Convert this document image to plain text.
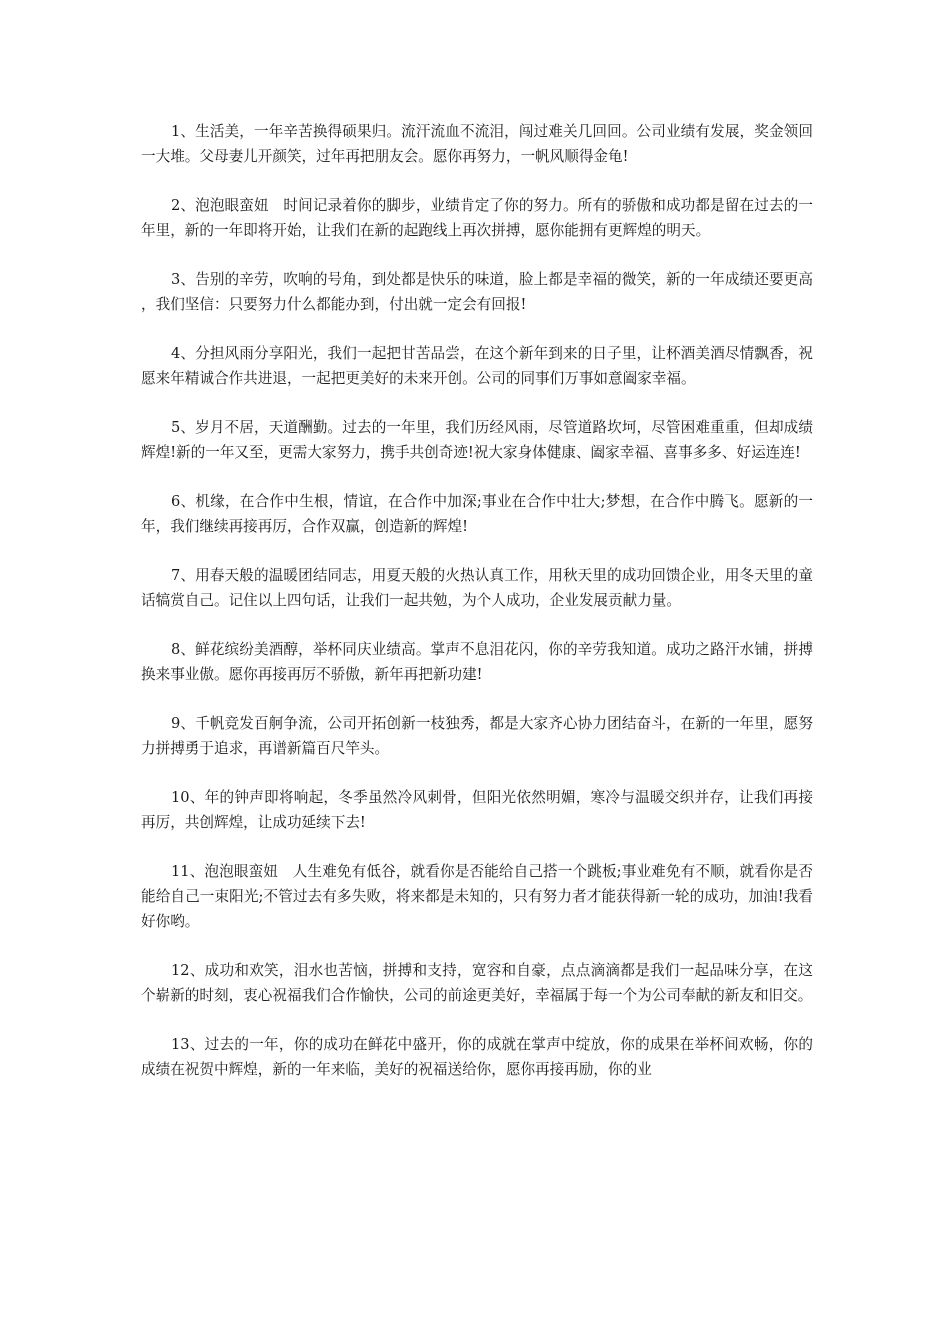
1、生活美，一年辛苦换得硕果归。流汗流血不流泪，闯过难关几回回。公司业绩有发展，奖金领回一大堆。父母妻儿开颜笑，过年再把朋友会。愿你再努力，一帆风顺得金龟!

2、泡泡眼蛮妞　时间记录着你的脚步，业绩肯定了你的努力。所有的骄傲和成功都是留在过去的一年里，新的一年即将开始，让我们在新的起跑线上再次拼搏，愿你能拥有更辉煌的明天。

3、告别的辛劳，吹响的号角，到处都是快乐的味道，脸上都是幸福的微笑，新的一年成绩还要更高，我们坚信：只要努力什么都能办到，付出就一定会有回报!

4、分担风雨分享阳光，我们一起把甘苦品尝，在这个新年到来的日子里，让杯酒美酒尽情飘香，祝愿来年精诚合作共进退，一起把更美好的未来开创。公司的同事们万事如意阖家幸福。

5、岁月不居，天道酬勤。过去的一年里，我们历经风雨，尽管道路坎坷，尽管困难重重，但却成绩辉煌!新的一年又至，更需大家努力，携手共创奇迹!祝大家身体健康、阖家幸福、喜事多多、好运连连!

6、机缘，在合作中生根，情谊，在合作中加深;事业在合作中壮大;梦想，在合作中腾飞。愿新的一年，我们继续再接再厉，合作双赢，创造新的辉煌!

7、用春天般的温暖团结同志，用夏天般的火热认真工作，用秋天里的成功回馈企业，用冬天里的童话犒赏自己。记住以上四句话，让我们一起共勉，为个人成功，企业发展贡献力量。

8、鲜花缤纷美酒醇，举杯同庆业绩高。掌声不息泪花闪，你的辛劳我知道。成功之路汗水铺，拼搏换来事业傲。愿你再接再厉不骄傲，新年再把新功建!

9、千帆竞发百舸争流，公司开拓创新一枝独秀，都是大家齐心协力团结奋斗，在新的一年里，愿努力拼搏勇于追求，再谱新篇百尺竿头。

10、年的钟声即将响起，冬季虽然冷风刺骨，但阳光依然明媚，寒冷与温暖交织并存，让我们再接再厉，共创辉煌，让成功延续下去!

11、泡泡眼蛮妞　人生难免有低谷，就看你是否能给自己搭一个跳板;事业难免有不顺，就看你是否能给自己一束阳光;不管过去有多失败，将来都是未知的，只有努力者才能获得新一轮的成功，加油!我看好你哟。

12、成功和欢笑，泪水也苦恼，拼搏和支持，宽容和自豪，点点滴滴都是我们一起品味分享，在这个崭新的时刻，衷心祝福我们合作愉快，公司的前途更美好，幸福属于每一个为公司奉献的新友和旧交。

13、过去的一年，你的成功在鲜花中盛开，你的成就在掌声中绽放，你的成果在举杯间欢畅，你的成绩在祝贺中辉煌，新的一年来临，美好的祝福送给你，愿你再接再励，你的业
